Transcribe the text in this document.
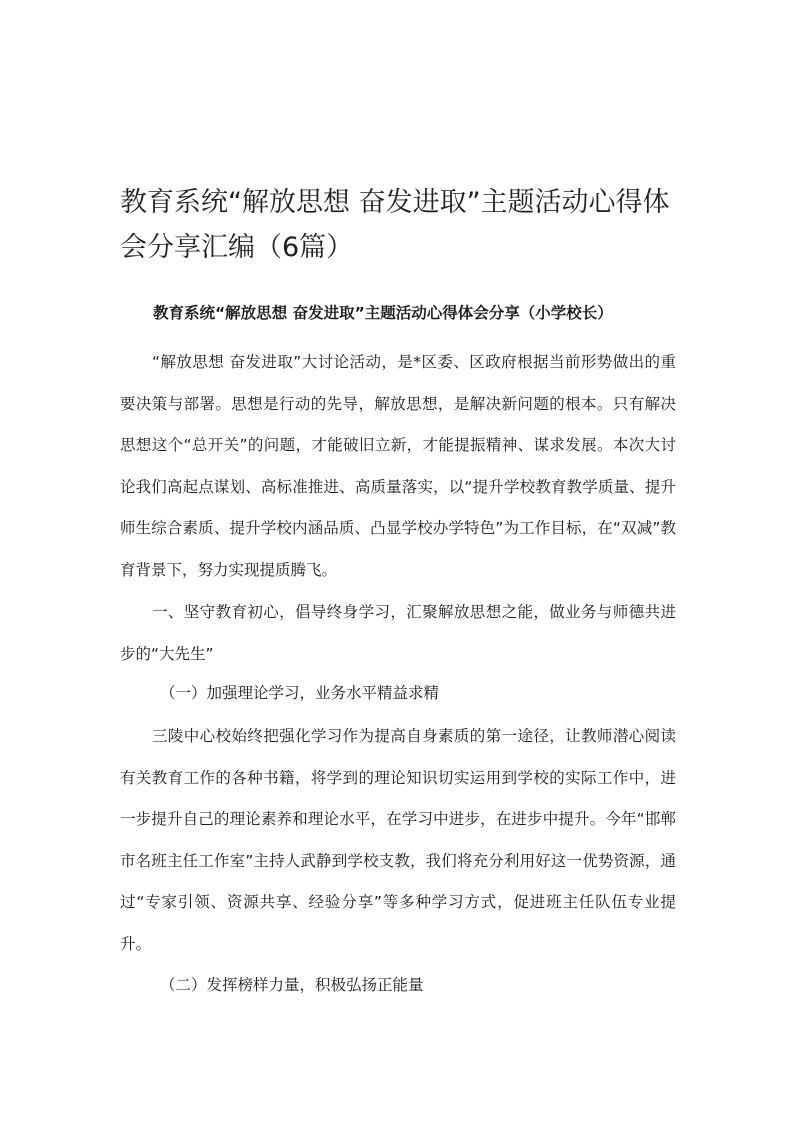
教育系统“解放思想 奋发进取”主题活动心得体会分享汇编（6篇）
教育系统“解放思想 奋发进取”主题活动心得体会分享（小学校长）

“解放思想 奋发进取”大讨论活动，是*区委、区政府根据当前形势做出的重要决策与部署。思想是行动的先导，解放思想，是解决新问题的根本。只有解决思想这个“总开关”的问题，才能破旧立新，才能提振精神、谋求发展。本次大讨论我们高起点谋划、高标准推进、高质量落实，以“提升学校教育教学质量、提升师生综合素质、提升学校内涵品质、凸显学校办学特色”为工作目标，在“双减”教育背景下，努力实现提质腾飞。

一、坚守教育初心，倡导终身学习，汇聚解放思想之能，做业务与师德共进步的“大先生”

（一）加强理论学习，业务水平精益求精

三陵中心校始终把强化学习作为提高自身素质的第一途径，让教师潜心阅读有关教育工作的各种书籍，将学到的理论知识切实运用到学校的实际工作中，进一步提升自己的理论素养和理论水平，在学习中进步，在进步中提升。今年“邯郸市名班主任工作室”主持人武静到学校支教，我们将充分利用好这一优势资源，通过“专家引领、资源共享、经验分享”等多种学习方式，促进班主任队伍专业提升。

（二）发挥榜样力量，积极弘扬正能量
